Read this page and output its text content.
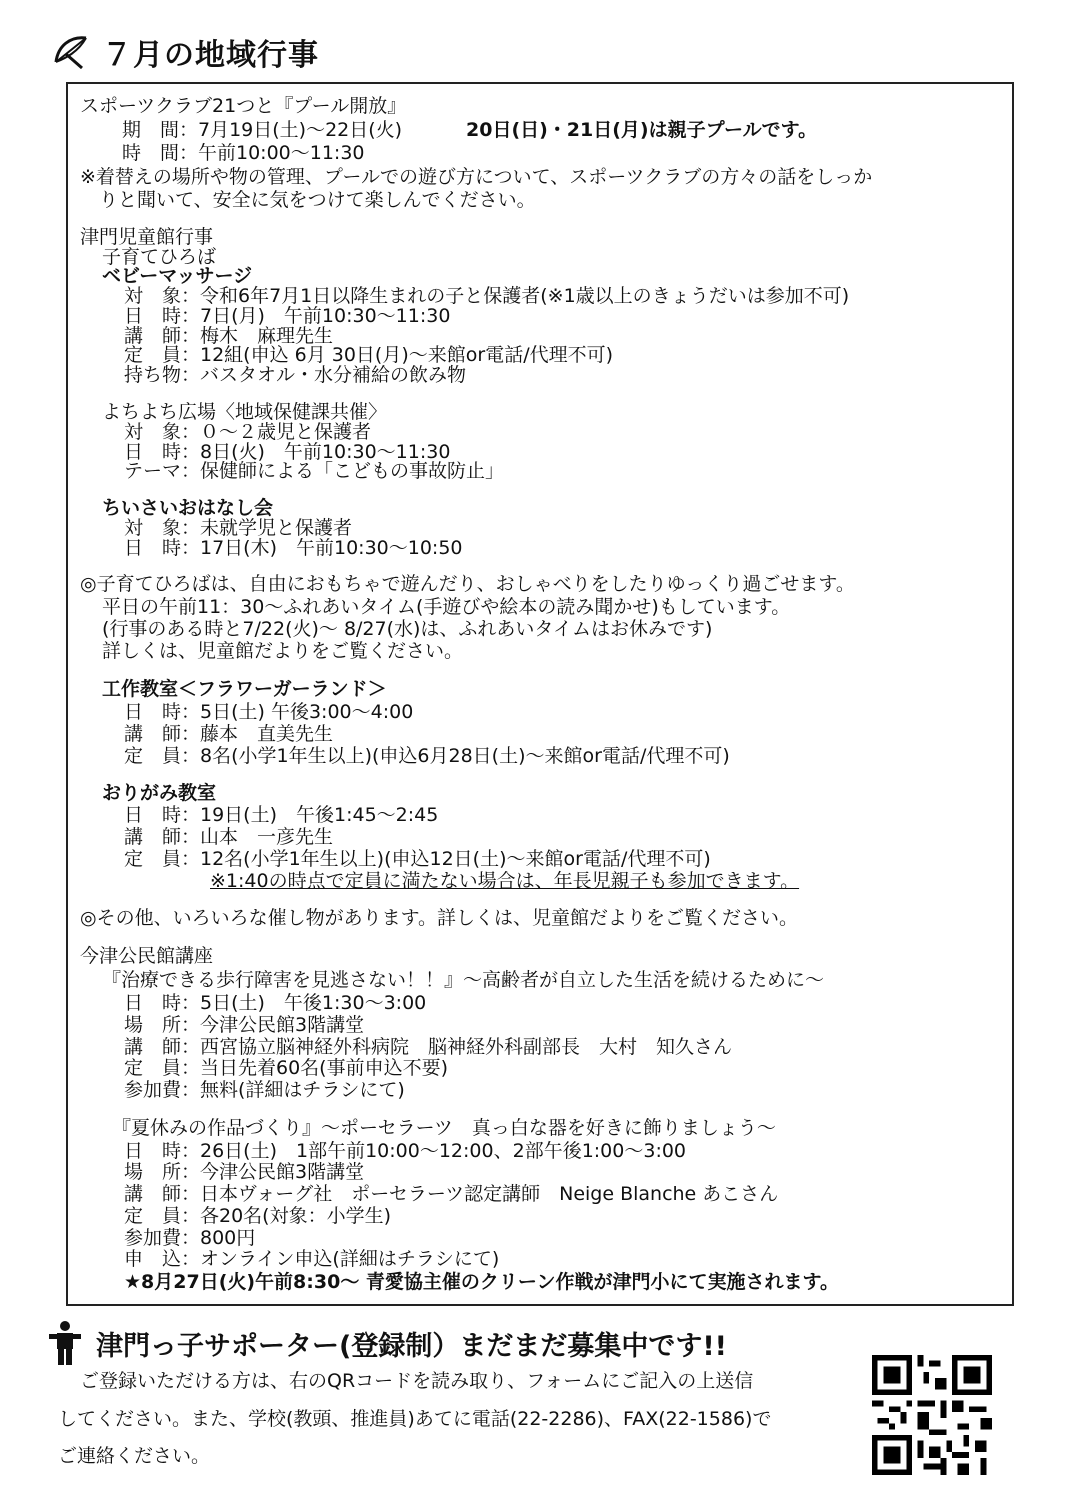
７月の地域行事
スポーツクラブ21つと『プール開放』
期　間：7月19日(土)〜22日(火)	20日(日)・21日(月)は親子プールです。
時　間：午前10:00〜11:30
※着替えの場所や物の管理、プールでの遊び方について、スポーツクラブの方々の話をしっか
　りと聞いて、安全に気をつけて楽しんでください。
津門児童館行事
子育てひろば
ベビーマッサージ
対　象：令和6年7月1日以降生まれの子と保護者(※1歳以上のきょうだいは参加不可)
日　時：7日(月)　午前10:30〜11:30
講　師：梅木　麻理先生
定　員：12組(申込 6月 30日(月)〜来館or電話/代理不可)
持ち物：バスタオル・水分補給の飲み物
よちよち広場〈地域保健課共催〉
対　象：０〜２歳児と保護者
日　時：8日(火)　午前10:30〜11:30
テーマ：保健師による「こどもの事故防止」
ちいさいおはなし会
対　象：未就学児と保護者
日　時：17日(木)　午前10:30〜10:50
◎子育てひろばは、自由におもちゃで遊んだり、おしゃべりをしたりゆっくり過ごせます。
平日の午前11：30〜ふれあいタイム(手遊びや絵本の読み聞かせ)もしています。
(行事のある時と7/22(火)〜 8/27(水)は、ふれあいタイムはお休みです)
詳しくは、児童館だよりをご覧ください。
工作教室＜フラワーガーランド＞
日　時：5日(土) 午後3:00〜4:00
講　師：藤本　直美先生
定　員：8名(小学1年生以上)(申込6月28日(土)〜来館or電話/代理不可)
おりがみ教室
日　時：19日(土)　午後1:45〜2:45
講　師：山本　一彦先生
定　員：12名(小学1年生以上)(申込12日(土)〜来館or電話/代理不可)
※1:40の時点で定員に満たない場合は、年長児親子も参加できます。
◎その他、いろいろな催し物があります。詳しくは、児童館だよりをご覧ください。
今津公民館講座
『治療できる歩行障害を見逃さない！！』〜高齢者が自立した生活を続けるために〜
日　時：5日(土)　午後1:30〜3:00
場　所：今津公民館3階講堂
講　師：西宮協立脳神経外科病院　脳神経外科副部長　大村　知久さん
定　員：当日先着60名(事前申込不要)
参加費：無料(詳細はチラシにて)
『夏休みの作品づくり』〜ポーセラーツ　真っ白な器を好きに飾りましょう〜
日　時：26日(土)　1部午前10:00〜12:00、2部午後1:00〜3:00
場　所：今津公民館3階講堂
講　師：日本ヴォーグ社　ポーセラーツ認定講師　Neige Blanche あこさん
定　員：各20名(対象：小学生)
参加費：800円
申　込：オンライン申込(詳細はチラシにて)
★8月27日(火)午前8:30〜 青愛協主催のクリーン作戦が津門小にて実施されます。
津門っ子サポーター(登録制）まだまだ募集中です!!
ご登録いただける方は、右のQRコードを読み取り、フォームにご記入の上送信
してください。また、学校(教頭、推進員)あてに電話(22-2286)、FAX(22-1586)で
ご連絡ください。
